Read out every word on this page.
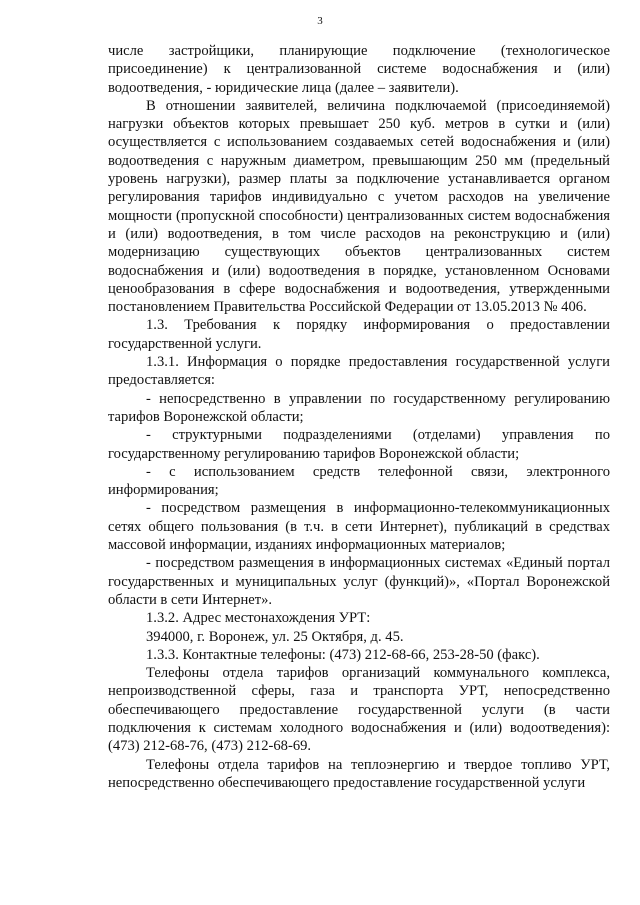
3

числе застройщики, планирующие подключение (технологическое присоединение) к централизованной системе водоснабжения и (или) водоотведения, - юридические лица (далее – заявители).

В отношении заявителей, величина подключаемой (присоединяемой) нагрузки объектов которых превышает 250 куб. метров в сутки и (или) осуществляется с использованием создаваемых сетей водоснабжения и (или) водоотведения с наружным диаметром, превышающим 250 мм (предельный уровень нагрузки), размер платы за подключение устанавливается органом регулирования тарифов индивидуально с учетом расходов на увеличение мощности (пропускной способности) централизованных систем водоснабжения и (или) водоотведения, в том числе расходов на реконструкцию и (или) модернизацию существующих объектов централизованных систем водоснабжения и (или) водоотведения в порядке, установленном Основами ценообразования в сфере водоснабжения и водоотведения, утвержденными постановлением Правительства Российской Федерации от 13.05.2013 № 406.

1.3. Требования к порядку информирования о предоставлении государственной услуги.

1.3.1. Информация о порядке предоставления государственной услуги предоставляется:

- непосредственно в управлении по государственному регулированию тарифов Воронежской области;

- структурными подразделениями (отделами) управления по государственному регулированию тарифов Воронежской области;

- с использованием средств телефонной связи, электронного информирования;

- посредством размещения в информационно-телекоммуникационных сетях общего пользования (в т.ч. в сети Интернет), публикаций в средствах массовой информации, изданиях информационных материалов;

- посредством размещения в информационных системах «Единый портал государственных и муниципальных услуг (функций)», «Портал Воронежской области в сети Интернет».

1.3.2. Адрес местонахождения УРТ:

394000, г. Воронеж, ул. 25 Октября, д. 45.

1.3.3. Контактные телефоны: (473) 212-68-66, 253-28-50 (факс).

Телефоны отдела тарифов организаций коммунального комплекса, непроизводственной сферы, газа и транспорта УРТ, непосредственно обеспечивающего предоставление государственной услуги (в части подключения к системам холодного водоснабжения и (или) водоотведения): (473) 212-68-76, (473) 212-68-69.

Телефоны отдела тарифов на теплоэнергию и твердое топливо УРТ, непосредственно обеспечивающего предоставление государственной услуги
